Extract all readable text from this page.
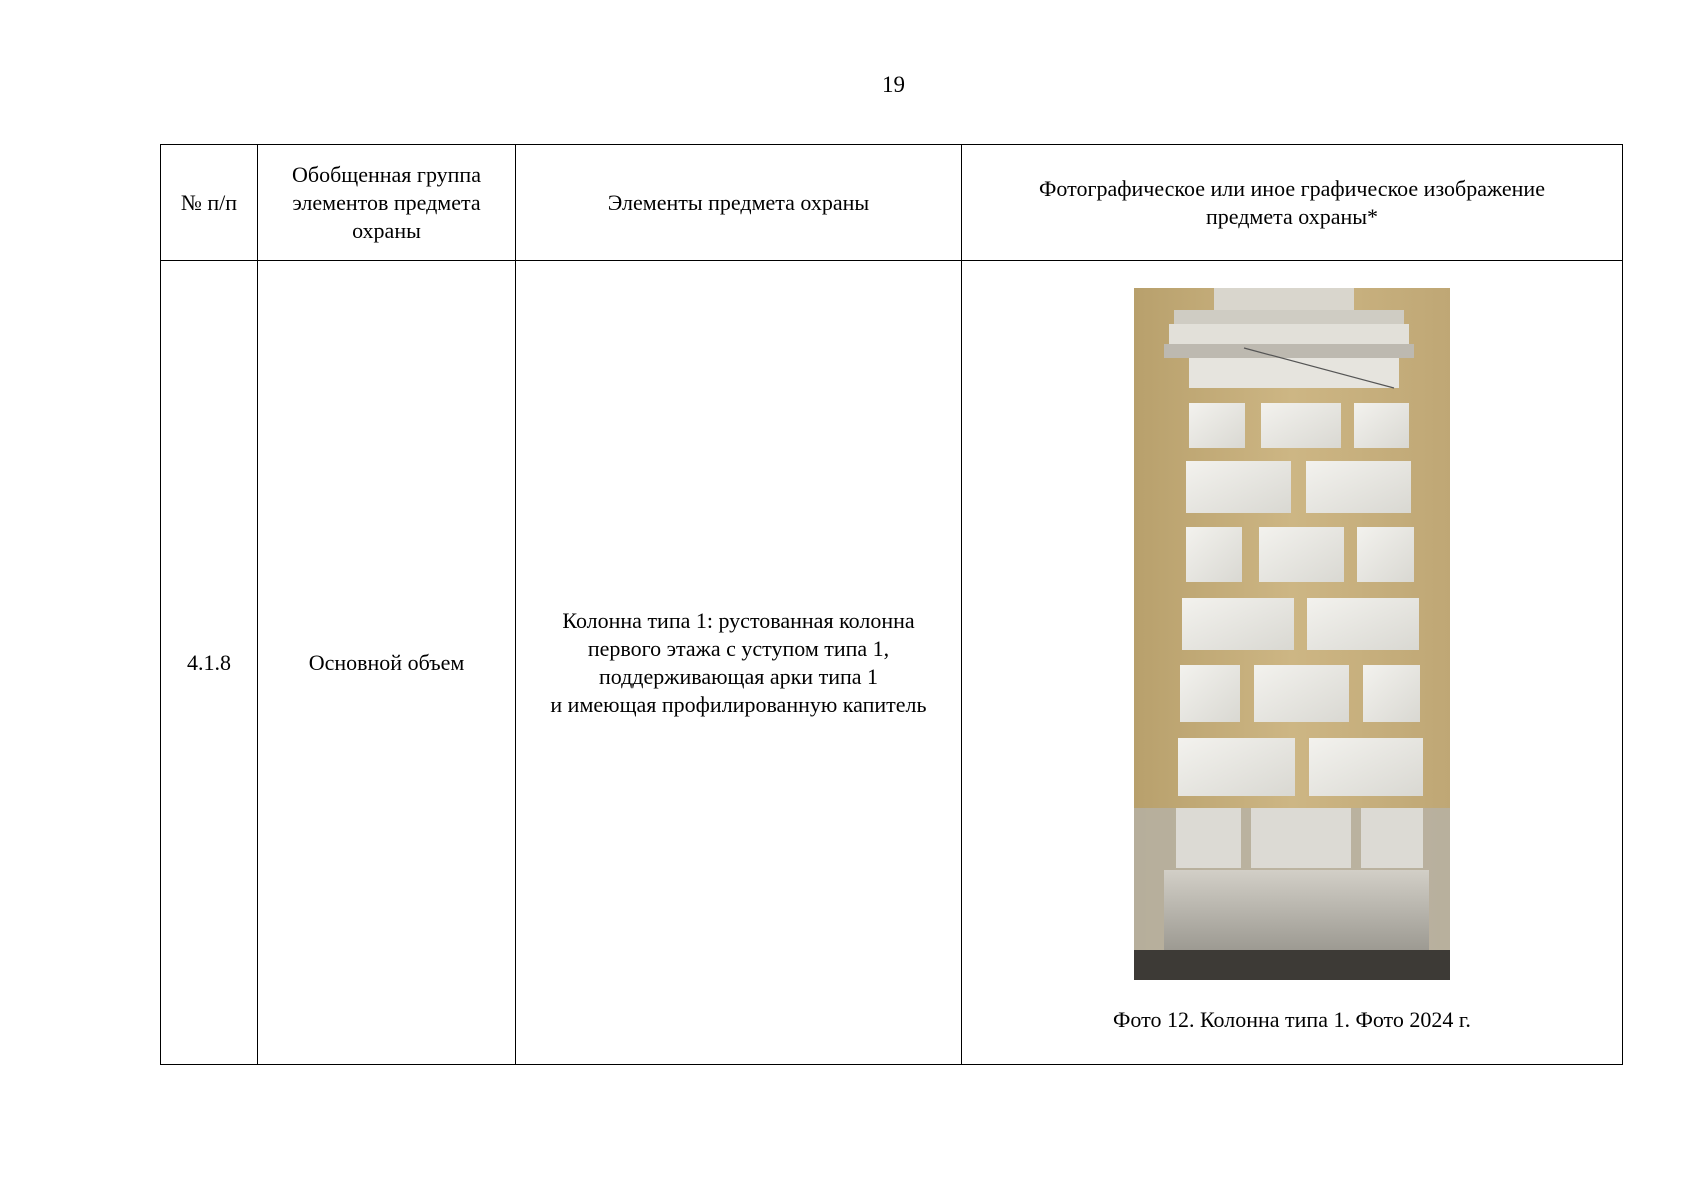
19
№ п/п	Обобщенная группа элементов предмета охраны	Элементы предмета охраны	Фотографическое или иное графическое изображение предмета охраны*
4.1.8	Основной объем	Колонна типа 1: рустованная колонна
первого этажа с уступом типа 1,
поддерживающая арки типа 1
и имеющая профилированную капитель	Фото 12. Колонна типа 1. Фото 2024 г.
